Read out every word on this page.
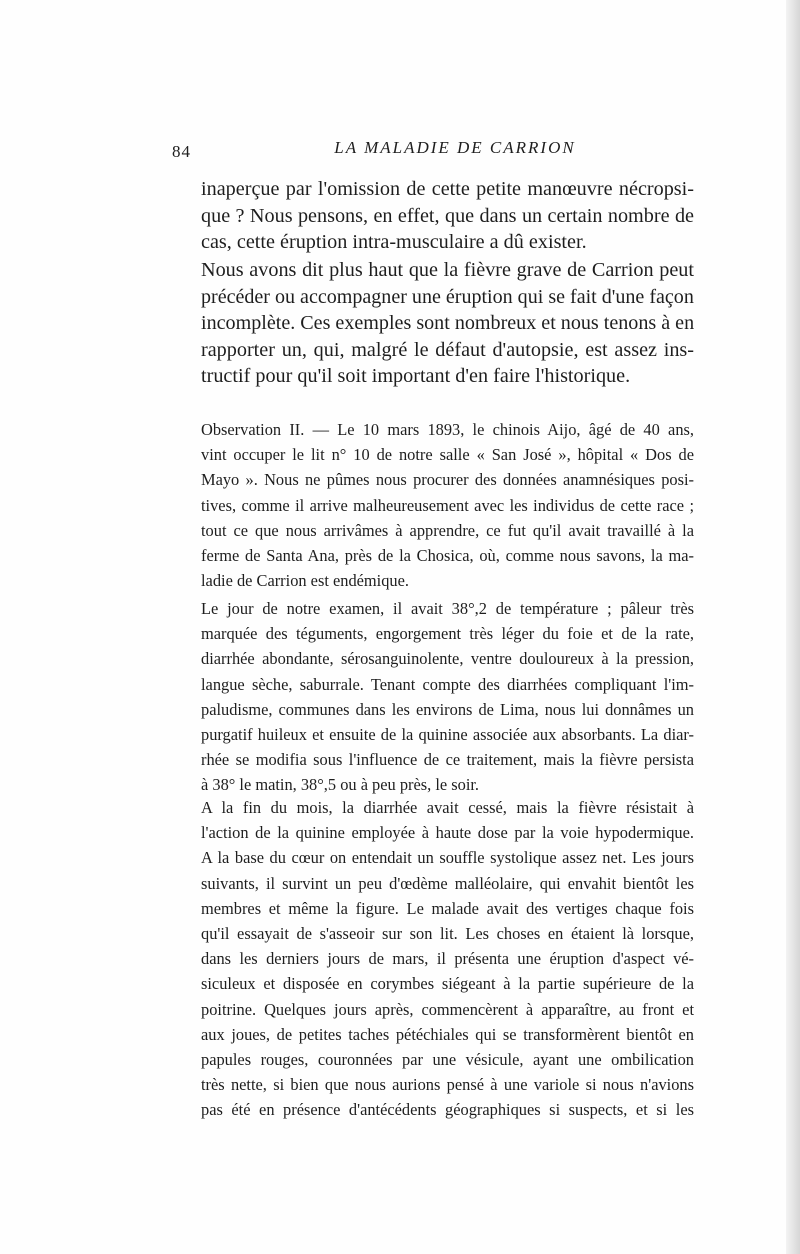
84	LA MALADIE DE CARRION
inaperçue par l'omission de cette petite manœuvre nécropsi-
que ? Nous pensons, en effet, que dans un certain nombre de
cas, cette éruption intra-musculaire a dû exister.
Nous avons dit plus haut que la fièvre grave de Carrion peut
précéder ou accompagner une éruption qui se fait d'une façon
incomplète. Ces exemples sont nombreux et nous tenons à en
rapporter un, qui, malgré le défaut d'autopsie, est assez ins-
tructif pour qu'il soit important d'en faire l'historique.
Observation II. — Le 10 mars 1893, le chinois Aijo, âgé de 40 ans,
vint occuper le lit n° 10 de notre salle « San José », hôpital « Dos de
Mayo ». Nous ne pûmes nous procurer des données anamnésiques posi-
tives, comme il arrive malheureusement avec les individus de cette race ;
tout ce que nous arrivâmes à apprendre, ce fut qu'il avait travaillé à la
ferme de Santa Ana, près de la Chosica, où, comme nous savons, la ma-
ladie de Carrion est endémique.
Le jour de notre examen, il avait 38°,2 de température ; pâleur très
marquée des téguments, engorgement très léger du foie et de la rate,
diarrhée abondante, sérosanguinolente, ventre douloureux à la pression,
langue sèche, saburrale. Tenant compte des diarrhées compliquant l'im-
paludisme, communes dans les environs de Lima, nous lui donnâmes un
purgatif huileux et ensuite de la quinine associée aux absorbants. La diar-
rhée se modifia sous l'influence de ce traitement, mais la fièvre persista
à 38° le matin, 38°,5 ou à peu près, le soir.
A la fin du mois, la diarrhée avait cessé, mais la fièvre résistait à
l'action de la quinine employée à haute dose par la voie hypodermique.
A la base du cœur on entendait un souffle systolique assez net. Les jours
suivants, il survint un peu d'œdème malléolaire, qui envahit bientôt les
membres et même la figure. Le malade avait des vertiges chaque fois
qu'il essayait de s'asseoir sur son lit. Les choses en étaient là lorsque,
dans les derniers jours de mars, il présenta une éruption d'aspect vé-
siculeux et disposée en corymbes siégeant à la partie supérieure de la
poitrine. Quelques jours après, commencèrent à apparaître, au front et
aux joues, de petites taches pétéchiales qui se transformèrent bientôt en
papules rouges, couronnées par une vésicule, ayant une ombilication
très nette, si bien que nous aurions pensé à une variole si nous n'avions
pas été en présence d'antécédents géographiques si suspects, et si les
